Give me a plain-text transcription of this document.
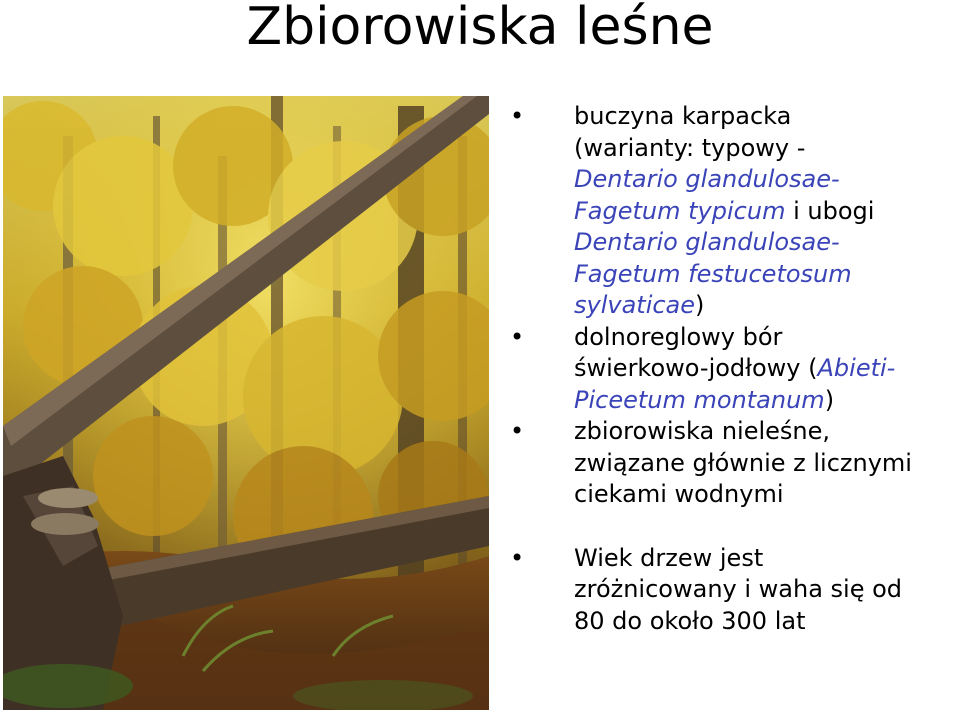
Zbiorowiska leśne
• buczyna karpacka
(warianty: typowy -
Dentario glandulosae-
Fagetum typicum i ubogi
Dentario glandulosae-
Fagetum festucetosum
sylvaticae)
• dolnoreglowy bór
świerkowo-jodłowy (Abieti-
Piceetum montanum)
• zbiorowiska nieleśne,
związane głównie z licznymi
ciekami wodnymi
• Wiek drzew jest
zróżnicowany i waha się od
80 do około 300 lat
